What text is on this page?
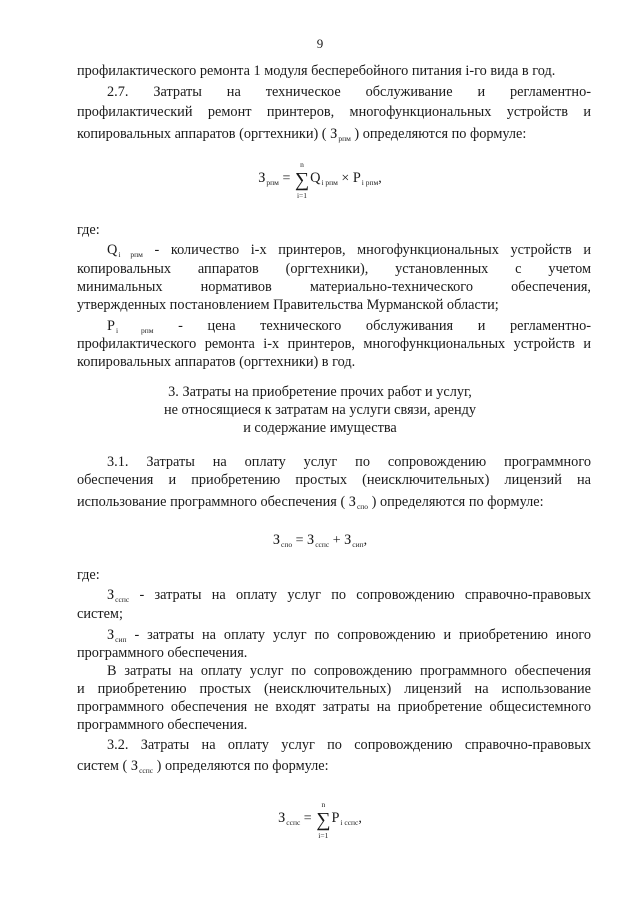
9
профилактического ремонта 1 модуля бесперебойного питания i-го вида в год.
2.7. Затраты на техническое обслуживание и регламентно-
профилактический ремонт принтеров, многофункциональных устройств и
копировальных аппаратов (оргтехники) ( $З_{рпм}$ ) определяются по формуле:
$З_{рпм}$ = ∑
n
i=1
$Q_{i рпм} \times P_{i рпм}$,
где:
$Q_{i рпм}$ - количество i-х принтеров, многофункциональных устройств и
копировальных аппаратов (оргтехники), установленных с учетом
минимальных нормативов материально-технического обеспечения,
утвержденных постановлением Правительства Мурманской области;
$P_{i рпм}$ - цена технического обслуживания и регламентно-
профилактического ремонта i-х принтеров, многофункциональных устройств и
копировальных аппаратов (оргтехники) в год.
3. Затраты на приобретение прочих работ и услуг,
не относящиеся к затратам на услуги связи, аренду
и содержание имущества
3.1. Затраты на оплату услуг по сопровождению программного
обеспечения и приобретению простых (неисключительных) лицензий на
использование программного обеспечения ( $З_{спо}$ ) определяются по формуле:
$З_{спо} = З_{сспс} + З_{сип}$,
где:
$З_{сспс}$ - затраты на оплату услуг по сопровождению справочно-правовых
систем;
$З_{сип}$ - затраты на оплату услуг по сопровождению и приобретению иного
программного обеспечения.
В затраты на оплату услуг по сопровождению программного обеспечения
и приобретению простых (неисключительных) лицензий на использование
программного обеспечения не входят затраты на приобретение общесистемного
программного обеспечения.
3.2. Затраты на оплату услуг по сопровождению справочно-правовых
систем ( $З_{сспс}$ ) определяются по формуле:
$З_{сспс}$ = ∑
n
i=1
$P_{i сспс}$,
